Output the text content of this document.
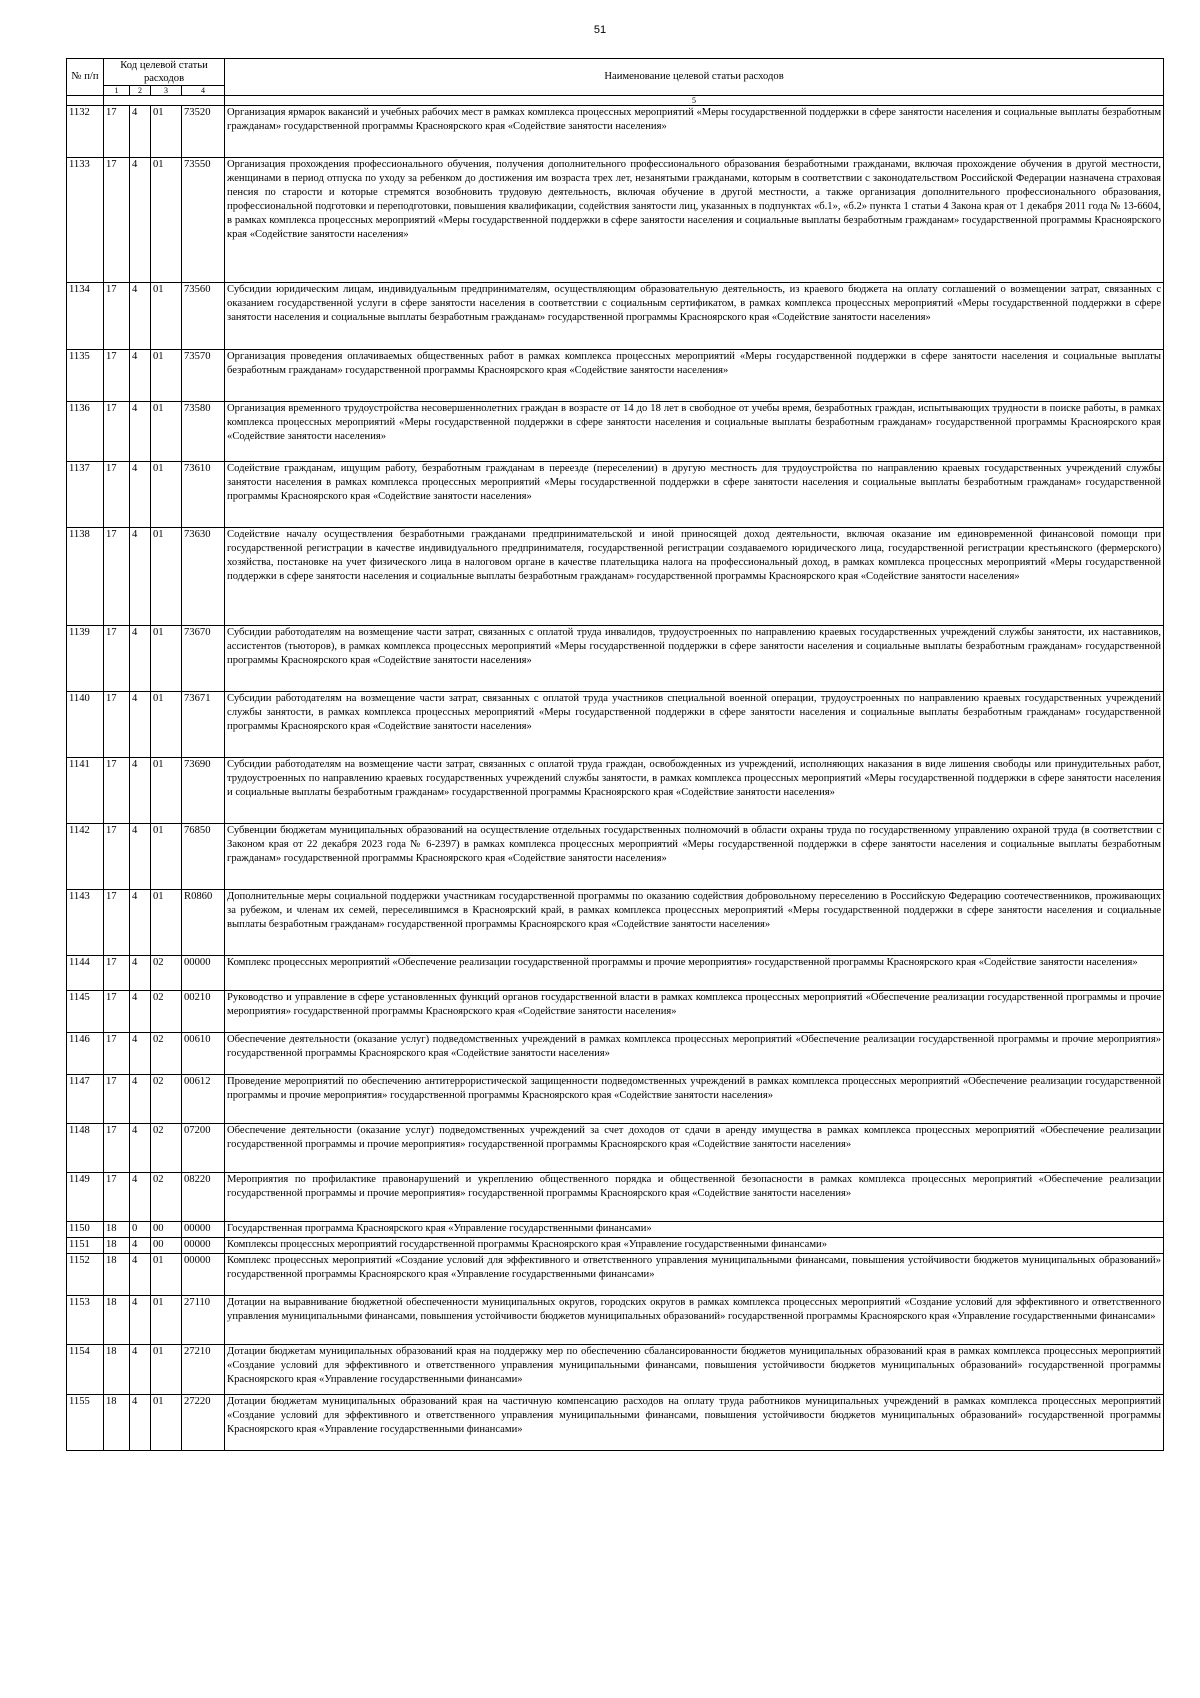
51
№ п/п	Код целевой статьи расходов				Наименование целевой статьи расходов
	1	2	3	4	
					5
1132	17	4	01	73520	Организация ярмарок вакансий и учебных рабочих мест в рамках комплекса процессных мероприятий «Меры государственной поддержки в сфере занятости населения и социальные выплаты безработным гражданам» государственной программы Красноярского края «Содействие занятости населения»
1133	17	4	01	73550	Организация прохождения профессионального обучения, получения дополнительного профессионального образования безработными гражданами, включая прохождение обучения в другой местности, женщинами в период отпуска по уходу за ребенком до достижения им возраста трех лет, незанятыми гражданами, которым в соответствии с законодательством Российской Федерации назначена страховая пенсия по старости и которые стремятся возобновить трудовую деятельность, включая обучение в другой местности, а также организация дополнительного профессионального образования, профессиональной подготовки и переподготовки, повышения квалификации, содействия занятости лиц, указанных в подпунктах «б.1», «б.2» пункта 1 статьи 4 Закона края от 1 декабря 2011 года № 13-6604, в рамках комплекса процессных мероприятий «Меры государственной поддержки в сфере занятости населения и социальные выплаты безработным гражданам» государственной программы Красноярского края «Содействие занятости населения»
1134	17	4	01	73560	Субсидии юридическим лицам, индивидуальным предпринимателям, осуществляющим образовательную деятельность, из краевого бюджета на оплату соглашений о возмещении затрат, связанных с оказанием государственной услуги в сфере занятости населения в соответствии с социальным сертификатом, в рамках комплекса процессных мероприятий «Меры государственной поддержки в сфере занятости населения и социальные выплаты безработным гражданам» государственной программы Красноярского края «Содействие занятости населения»
1135	17	4	01	73570	Организация проведения оплачиваемых общественных работ в рамках комплекса процессных мероприятий «Меры государственной поддержки в сфере занятости населения и социальные выплаты безработным гражданам» государственной программы Красноярского края «Содействие занятости населения»
1136	17	4	01	73580	Организация временного трудоустройства несовершеннолетних граждан в возрасте от 14 до 18 лет в свободное от учебы время, безработных граждан, испытывающих трудности в поиске работы, в рамках комплекса процессных мероприятий «Меры государственной поддержки в сфере занятости населения и социальные выплаты безработным гражданам» государственной программы Красноярского края «Содействие занятости населения»
1137	17	4	01	73610	Содействие гражданам, ищущим работу, безработным гражданам в переезде (переселении) в другую местность для трудоустройства по направлению краевых государственных учреждений службы занятости населения в рамках комплекса процессных мероприятий «Меры государственной поддержки в сфере занятости населения и социальные выплаты безработным гражданам» государственной программы Красноярского края «Содействие занятости населения»
1138	17	4	01	73630	Содействие началу осуществления безработными гражданами предпринимательской и иной приносящей доход деятельности, включая оказание им единовременной финансовой помощи при государственной регистрации в качестве индивидуального предпринимателя, государственной регистрации создаваемого юридического лица, государственной регистрации крестьянского (фермерского) хозяйства, постановке на учет физического лица в налоговом органе в качестве плательщика налога на профессиональный доход, в рамках комплекса процессных мероприятий «Меры государственной поддержки в сфере занятости населения и социальные выплаты безработным гражданам» государственной программы Красноярского края «Содействие занятости населения»
1139	17	4	01	73670	Субсидии работодателям на возмещение части затрат, связанных с оплатой труда инвалидов, трудоустроенных по направлению краевых государственных учреждений службы занятости, их наставников, ассистентов (тьюторов), в рамках комплекса процессных мероприятий «Меры государственной поддержки в сфере занятости населения и социальные выплаты безработным гражданам» государственной программы Красноярского края «Содействие занятости населения»
1140	17	4	01	73671	Субсидии работодателям на возмещение части затрат, связанных с оплатой труда участников специальной военной операции, трудоустроенных по направлению краевых государственных учреждений службы занятости, в рамках комплекса процессных мероприятий «Меры государственной поддержки в сфере занятости населения и социальные выплаты безработным гражданам» государственной программы Красноярского края «Содействие занятости населения»
1141	17	4	01	73690	Субсидии работодателям на возмещение части затрат, связанных с оплатой труда граждан, освобожденных из учреждений, исполняющих наказания в виде лишения свободы или принудительных работ, трудоустроенных по направлению краевых государственных учреждений службы занятости, в рамках комплекса процессных мероприятий «Меры государственной поддержки в сфере занятости населения и социальные выплаты безработным гражданам» государственной программы Красноярского края «Содействие занятости населения»
1142	17	4	01	76850	Субвенции бюджетам муниципальных образований на осуществление отдельных государственных полномочий в области охраны труда по государственному управлению охраной труда (в соответствии с Законом края от 22 декабря 2023 года № 6-2397) в рамках комплекса процессных мероприятий «Меры государственной поддержки в сфере занятости населения и социальные выплаты безработным гражданам» государственной программы Красноярского края «Содействие занятости населения»
1143	17	4	01	R0860	Дополнительные меры социальной поддержки участникам государственной программы по оказанию содействия добровольному переселению в Российскую Федерацию соотечественников, проживающих за рубежом, и членам их семей, переселившимся в Красноярский край, в рамках комплекса процессных мероприятий «Меры государственной поддержки в сфере занятости населения и социальные выплаты безработным гражданам» государственной программы Красноярского края «Содействие занятости населения»
1144	17	4	02	00000	Комплекс процессных мероприятий «Обеспечение реализации государственной программы и прочие мероприятия» государственной программы Красноярского края «Содействие занятости населения»
1145	17	4	02	00210	Руководство и управление в сфере установленных функций органов государственной власти в рамках комплекса процессных мероприятий «Обеспечение реализации государственной программы и прочие мероприятия» государственной программы Красноярского края «Содействие занятости населения»
1146	17	4	02	00610	Обеспечение деятельности (оказание услуг) подведомственных учреждений в рамках комплекса процессных мероприятий «Обеспечение реализации государственной программы и прочие мероприятия» государственной программы Красноярского края «Содействие занятости населения»
1147	17	4	02	00612	Проведение мероприятий по обеспечению антитеррористической защищенности подведомственных учреждений в рамках комплекса процессных мероприятий «Обеспечение реализации государственной программы и прочие мероприятия» государственной программы Красноярского края «Содействие занятости населения»
1148	17	4	02	07200	Обеспечение деятельности (оказание услуг) подведомственных учреждений за счет доходов от сдачи в аренду имущества в рамках комплекса процессных мероприятий «Обеспечение реализации государственной программы и прочие мероприятия» государственной программы Красноярского края «Содействие занятости населения»
1149	17	4	02	08220	Мероприятия по профилактике правонарушений и укреплению общественного порядка и общественной безопасности в рамках комплекса процессных мероприятий «Обеспечение реализации государственной программы и прочие мероприятия» государственной программы Красноярского края «Содействие занятости населения»
1150	18	0	00	00000	Государственная программа Красноярского края «Управление государственными финансами»
1151	18	4	00	00000	Комплексы процессных мероприятий государственной программы Красноярского края «Управление государственными финансами»
1152	18	4	01	00000	Комплекс процессных мероприятий «Создание условий для эффективного и ответственного управления муниципальными финансами, повышения устойчивости бюджетов муниципальных образований» государственной программы Красноярского края «Управление государственными финансами»
1153	18	4	01	27110	Дотации на выравнивание бюджетной обеспеченности муниципальных округов, городских округов в рамках комплекса процессных мероприятий «Создание условий для эффективного и ответственного управления муниципальными финансами, повышения устойчивости бюджетов муниципальных образований» государственной программы Красноярского края «Управление государственными финансами»
1154	18	4	01	27210	Дотации бюджетам муниципальных образований края на поддержку мер по обеспечению сбалансированности бюджетов муниципальных образований края в рамках комплекса процессных мероприятий «Создание условий для эффективного и ответственного управления муниципальными финансами, повышения устойчивости бюджетов муниципальных образований» государственной программы Красноярского края «Управление государственными финансами»
1155	18	4	01	27220	Дотации бюджетам муниципальных образований края на частичную компенсацию расходов на оплату труда работников муниципальных учреждений в рамках комплекса процессных мероприятий «Создание условий для эффективного и ответственного управления муниципальными финансами, повышения устойчивости бюджетов муниципальных образований» государственной программы Красноярского края «Управление государственными финансами»
